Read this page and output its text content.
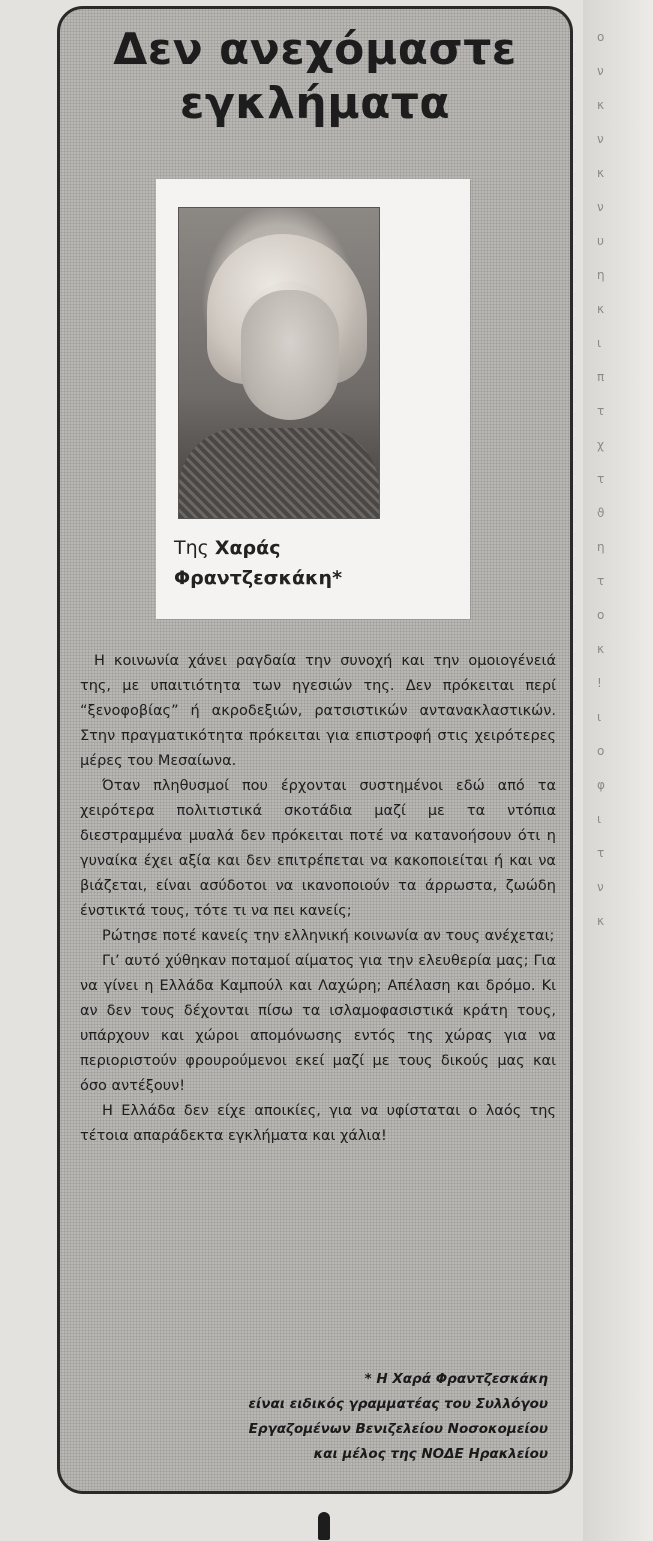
ο
ν
κ
ν
κ
ν
υ
η
κ
ι
π
τ
χ
τ
ϑ
η
τ
ο
κ
!
ι
ο
φ
ι
τ
ν
κ
Δεν ανεχόμαστε
εγκλήματα

Της Χαράς
Φραντζεσκάκη*

Η κοινωνία χάνει ραγδαία την συνοχή και την ομοιογένειά της, με υπαιτιότητα των ηγεσιών της. Δεν πρόκειται περί “ξενοφοβίας” ή ακροδεξιών, ρατσιστικών αντανακλαστικών. Στην πραγματικότητα πρόκειται για επιστροφή στις χειρότερες μέρες του Μεσαίωνα.

Όταν πληθυσμοί που έρχονται συστημένοι εδώ από τα χειρότερα πολιτιστικά σκοτάδια μαζί με τα ντόπια διεστραμμένα μυαλά δεν πρόκειται ποτέ να κατανοήσουν ότι η γυναίκα έχει αξία και δεν επιτρέπεται να κακοποιείται ή και να βιάζεται, είναι ασύδοτοι να ικανοποιούν τα άρρωστα, ζωώδη ένστικτά τους, τότε τι να πει κανείς;

Ρώτησε ποτέ κανείς την ελληνική κοινωνία αν τους ανέχεται;

Γι’ αυτό χύθηκαν ποταμοί αίματος για την ελευθερία μας; Για να γίνει η Ελλάδα Καμπούλ και Λαχώρη; Απέλαση και δρόμο. Κι αν δεν τους δέχονται πίσω τα ισλαμοφασιστικά κράτη τους, υπάρχουν και χώροι απομόνωσης εντός της χώρας για να περιοριστούν φρουρούμενοι εκεί μαζί με τους δικούς μας και όσο αντέξουν!

Η Ελλάδα δεν είχε αποικίες, για να υφίσταται ο λαός της τέτοια απαράδεκτα εγκλήματα και χάλια!

* Η Χαρά Φραντζεσκάκη
είναι ειδικός γραμματέας του Συλλόγου
Εργαζομένων Βενιζελείου Νοσοκομείου
και μέλος της ΝΟΔΕ Ηρακλείου
